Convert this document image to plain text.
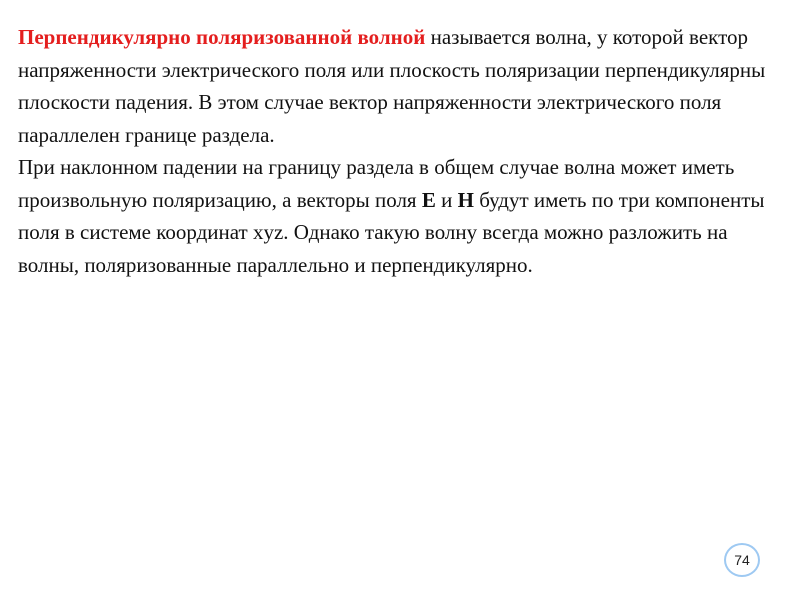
Перпендикулярно поляризованной волной называется волна, у которой вектор напряженности электрического поля или плоскость поляризации перпендикулярны плоскости падения. В этом случае вектор напряженности электрического поля параллелен границе раздела.

При наклонном падении на границу раздела в общем случае волна может иметь произвольную поляризацию, а векторы поля E и H будут иметь по три компоненты поля в системе координат xyz. Однако такую волну всегда можно разложить на волны, поляризованные параллельно и перпендикулярно.

74
